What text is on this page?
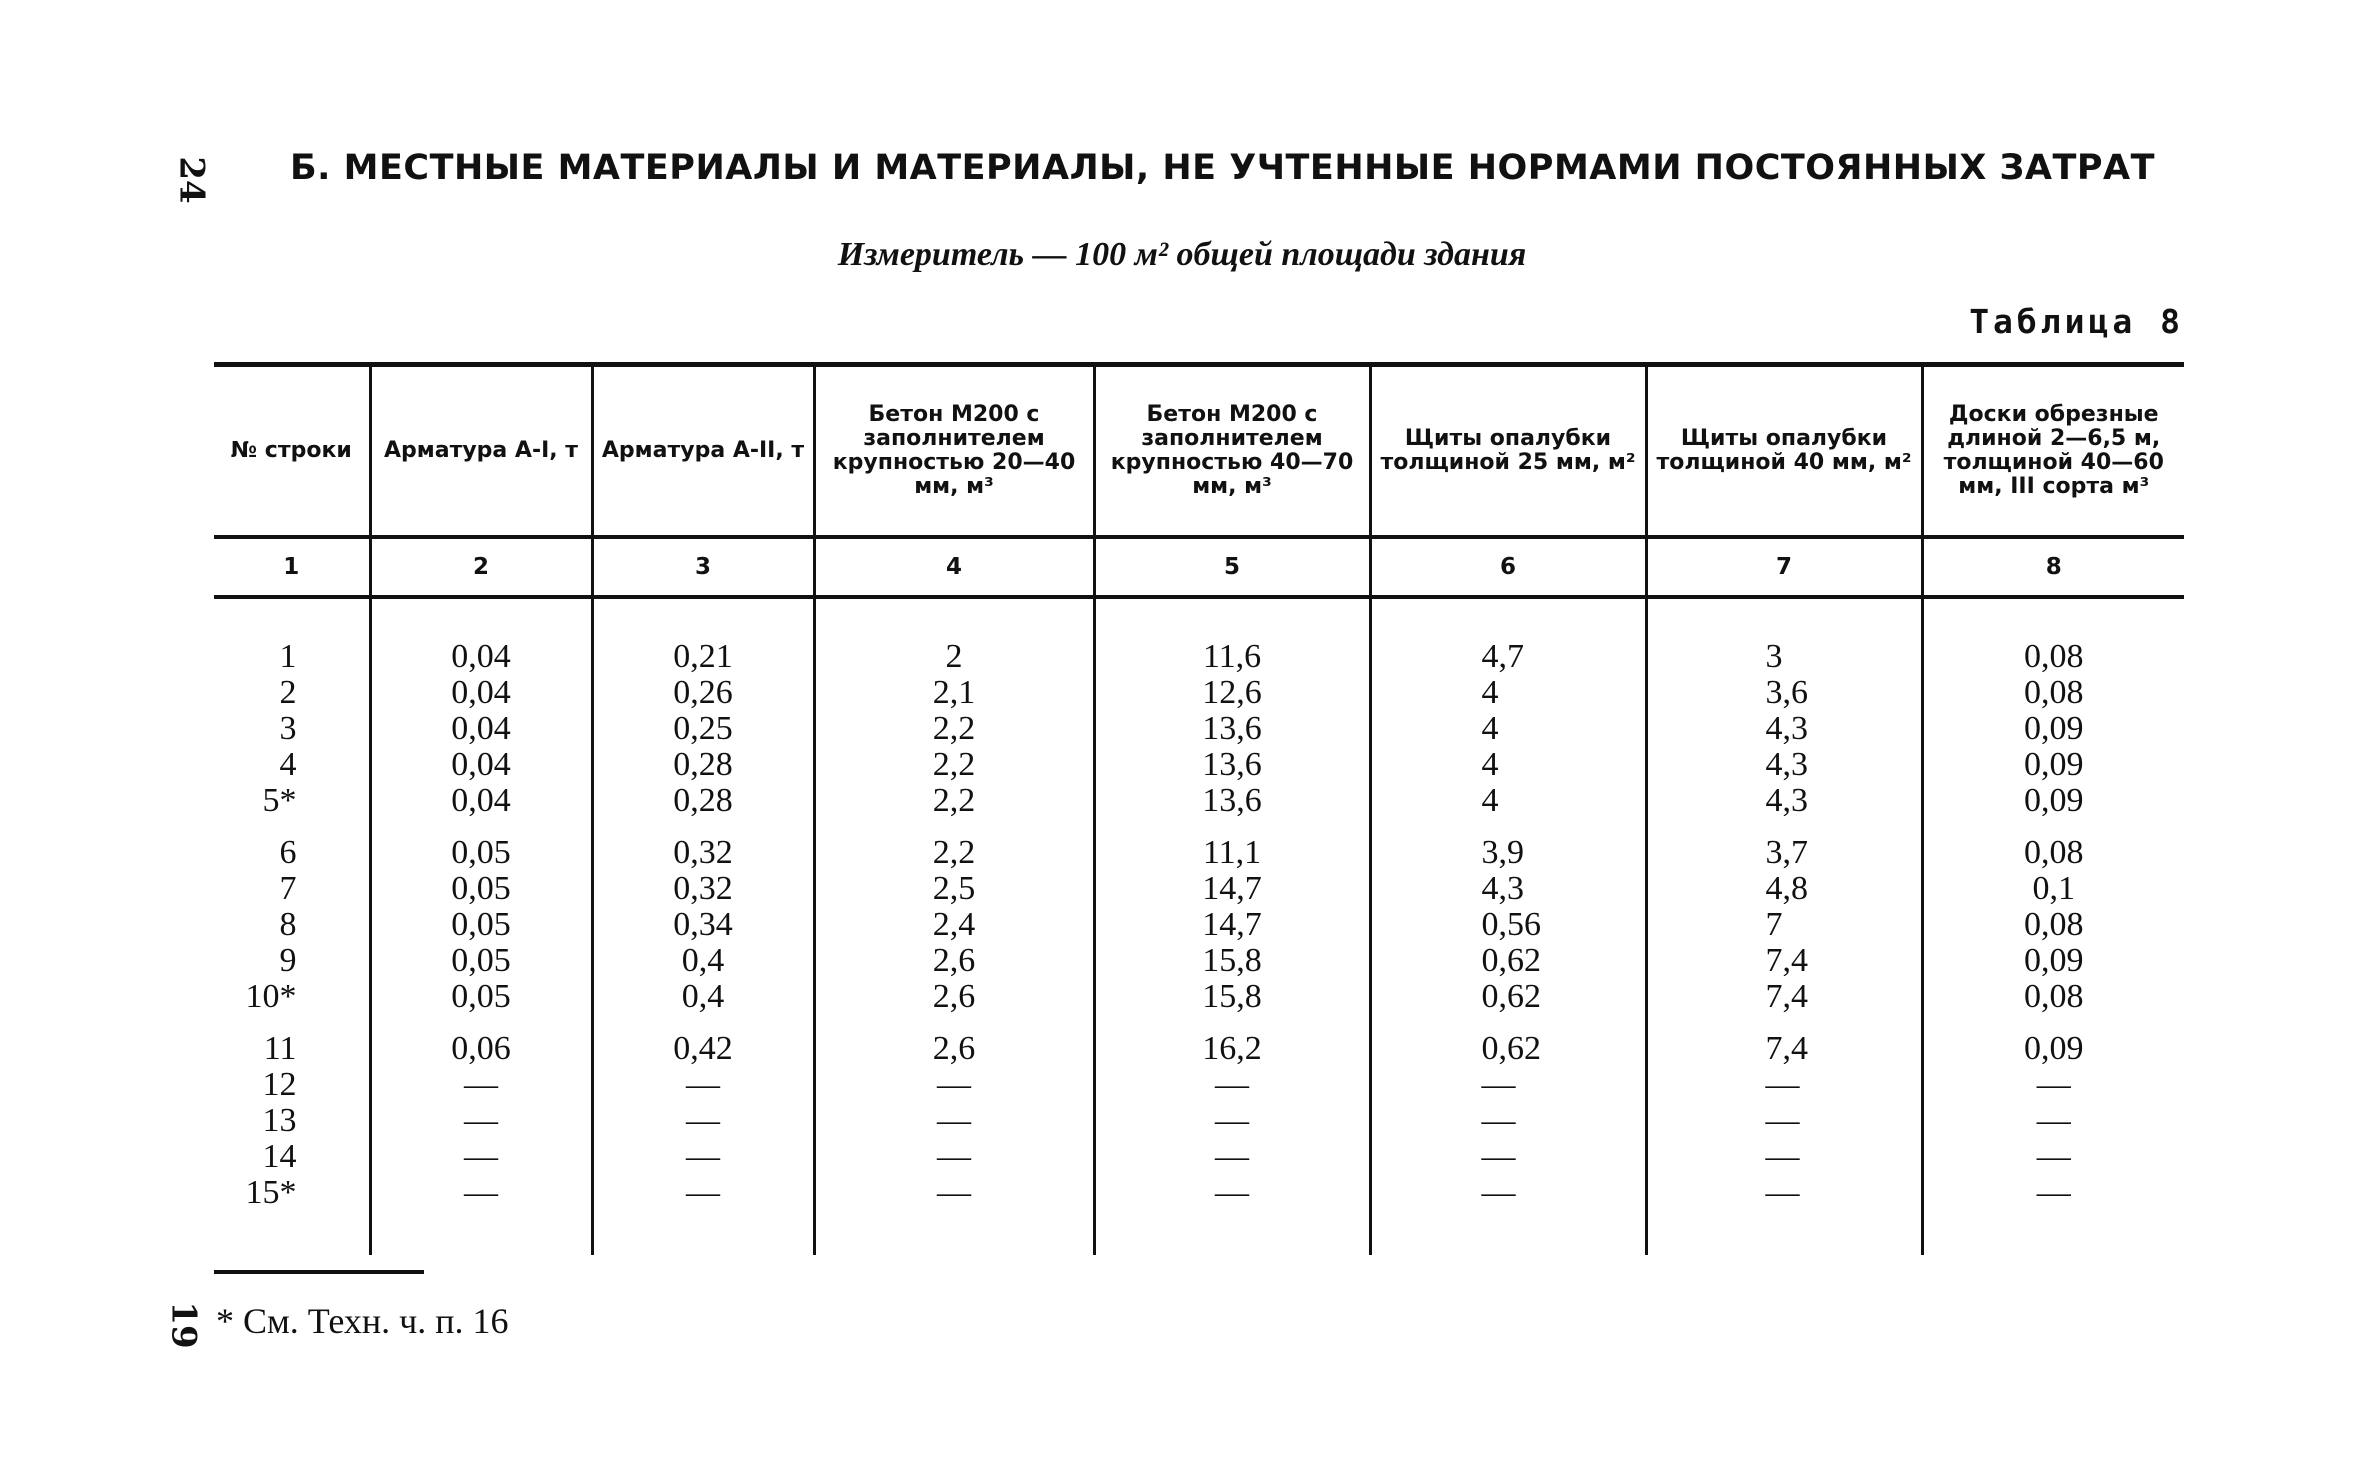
24
19
Б. МЕСТНЫЕ МАТЕРИАЛЫ И МАТЕРИАЛЫ, НЕ УЧТЕННЫЕ НОРМАМИ ПОСТОЯННЫХ ЗАТРАТ
Измеритель — 100 м² общей площади здания
Таблица 8
№ строки	Арматура А-I, т	Арматура А-II, т	Бетон М200 с заполнителем крупностью 20—40 мм, м³	Бетон М200 с заполнителем крупностью 40—70 мм, м³	Щиты опалубки толщиной 25 мм, м²	Щиты опалубки толщиной 40 мм, м²	Доски обрезные длиной 2—6,5 м, толщиной 40—60 мм, III сорта м³
1	2	3	4	5	6	7	8
1	0,04	0,21	2	11,6	4,7	3	0,08
2	0,04	0,26	2,1	12,6	4	3,6	0,08
3	0,04	0,25	2,2	13,6	4	4,3	0,09
4	0,04	0,28	2,2	13,6	4	4,3	0,09
5*	0,04	0,28	2,2	13,6	4	4,3	0,09
6	0,05	0,32	2,2	11,1	3,9	3,7	0,08
7	0,05	0,32	2,5	14,7	4,3	4,8	0,1
8	0,05	0,34	2,4	14,7	0,56	7	0,08
9	0,05	0,4	2,6	15,8	0,62	7,4	0,09
10*	0,05	0,4	2,6	15,8	0,62	7,4	0,08
11	0,06	0,42	2,6	16,2	0,62	7,4	0,09
12	—	—	—	—	—	—	—
13	—	—	—	—	—	—	—
14	—	—	—	—	—	—	—
15*	—	—	—	—	—	—	—
* См. Техн. ч. п. 16
